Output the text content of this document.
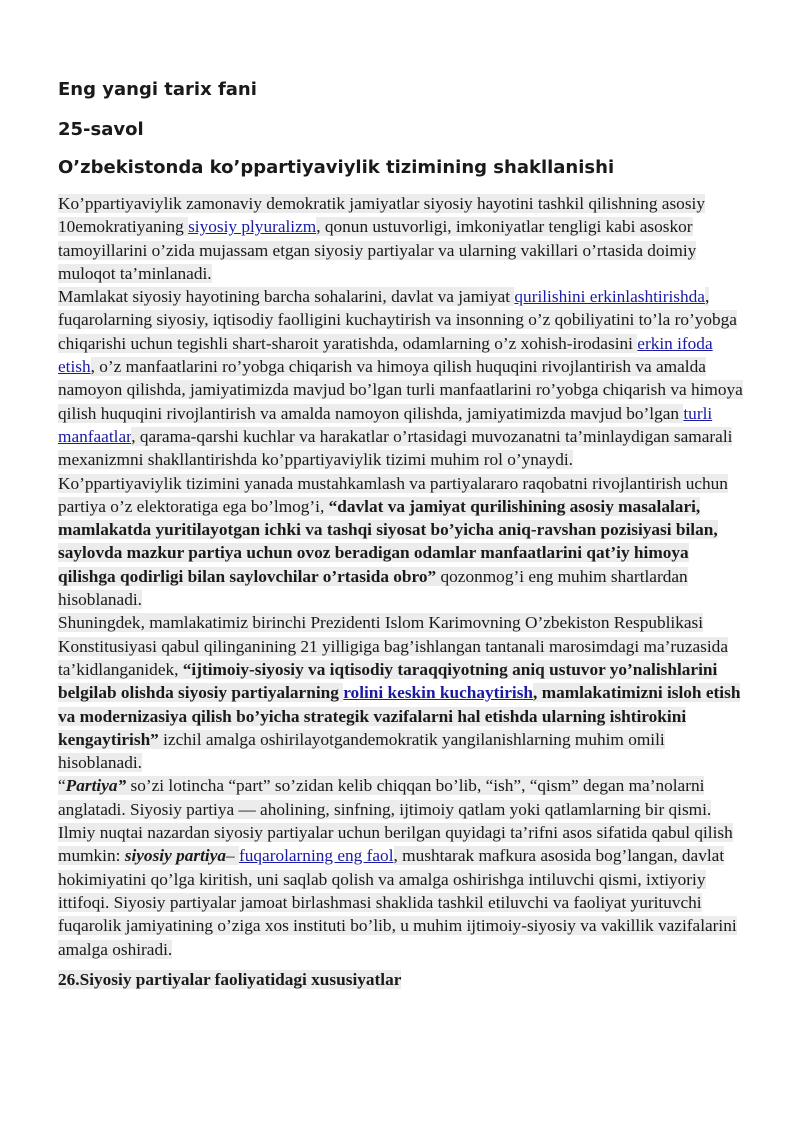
Eng yangi tarix fani
25-savol
O’zbekistonda ko’ppartiyaviylik tizimining shakllanishi

Ko’ppartiyaviylik zamonaviy demokratik jamiyatlar siyosiy hayotini tashkil qilishning asosiy 10emokratiyaning siyosiy plyuralizm, qonun ustuvorligi, imkoniyatlar tengligi kabi asoskor tamoyillarini o’zida mujassam etgan siyosiy partiyalar va ularning vakillari o’rtasida doimiy muloqot ta’minlanadi.

Mamlakat siyosiy hayotining barcha sohalarini, davlat va jamiyat qurilishini erkinlashtirishda, fuqarolarning siyosiy, iqtisodiy faolligini kuchaytirish va insonning o’z qobiliyatini to’la ro’yobga chiqarishi uchun tegishli shart-sharoit yaratishda, odamlarning o’z xohish-irodasini erkin ifoda etish, o’z manfaatlarini ro’yobga chiqarish va himoya qilish huquqini rivojlantirish va amalda namoyon qilishda, jamiyatimizda mavjud bo’lgan turli manfaatlarini ro’yobga chiqarish va himoya qilish huquqini rivojlantirish va amalda namoyon qilishda, jamiyatimizda mavjud bo’lgan turli manfaatlar, qarama-qarshi kuchlar va harakatlar o’rtasidagi muvozanatni ta’minlaydigan samarali mexanizmni shakllantirishda ko’ppartiyaviylik tizimi muhim rol o’ynaydi.

Ko’ppartiyaviylik tizimini yanada mustahkamlash va partiyalararo raqobatni rivojlantirish uchun partiya o’z elektoratiga ega bo’lmog’i, “davlat va jamiyat qurilishining asosiy masalalari, mamlakatda yuritilayotgan ichki va tashqi siyosat bo’yicha aniq-ravshan pozisiyasi bilan, saylovda mazkur partiya uchun ovoz beradigan odamlar manfaatlarini qat’iy himoya qilishga qodirligi bilan saylovchilar o’rtasida obro” qozonmog’i eng muhim shartlardan hisoblanadi.

Shuningdek, mamlakatimiz birinchi Prezidenti Islom Karimovning O’zbekiston Respublikasi Konstitusiyasi qabul qilinganining 21 yilligiga bag’ishlangan tantanali marosimdagi ma’ruzasida ta’kidlanganidek, “ijtimoiy-siyosiy va iqtisodiy taraqqiyotning aniq ustuvor yo’nalishlarini belgilab olishda siyosiy partiyalarning rolini keskin kuchaytirish, mamlakatimizni isloh etish va modernizasiya qilish bo’yicha strategik vazifalarni hal etishda ularning ishtirokini kengaytirish” izchil amalga oshirilayotgandemokratik yangilanishlarning muhim omili hisoblanadi.

“Partiya” so’zi lotincha “part” so’zidan kelib chiqqan bo’lib, “ish”, “qism” degan ma’nolarni anglatadi. Siyosiy partiya — aholining, sinfning, ijtimoiy qatlam yoki qatlamlarning bir qismi. Ilmiy nuqtai nazardan siyosiy partiyalar uchun berilgan quyidagi ta’rifni asos sifatida qabul qilish mumkin: siyosiy partiya– fuqarolarning eng faol, mushtarak mafkura asosida bog’langan, davlat hokimiyatini qo’lga kiritish, uni saqlab qolish va amalga oshirishga intiluvchi qismi, ixtiyoriy ittifoqi. Siyosiy partiyalar jamoat birlashmasi shaklida tashkil etiluvchi va faoliyat yurituvchi fuqarolik jamiyatining o’ziga xos instituti bo’lib, u muhim ijtimoiy-siyosiy va vakillik vazifalarini amalga oshiradi.

26.Siyosiy partiyalar faoliyatidagi xususiyatlar
